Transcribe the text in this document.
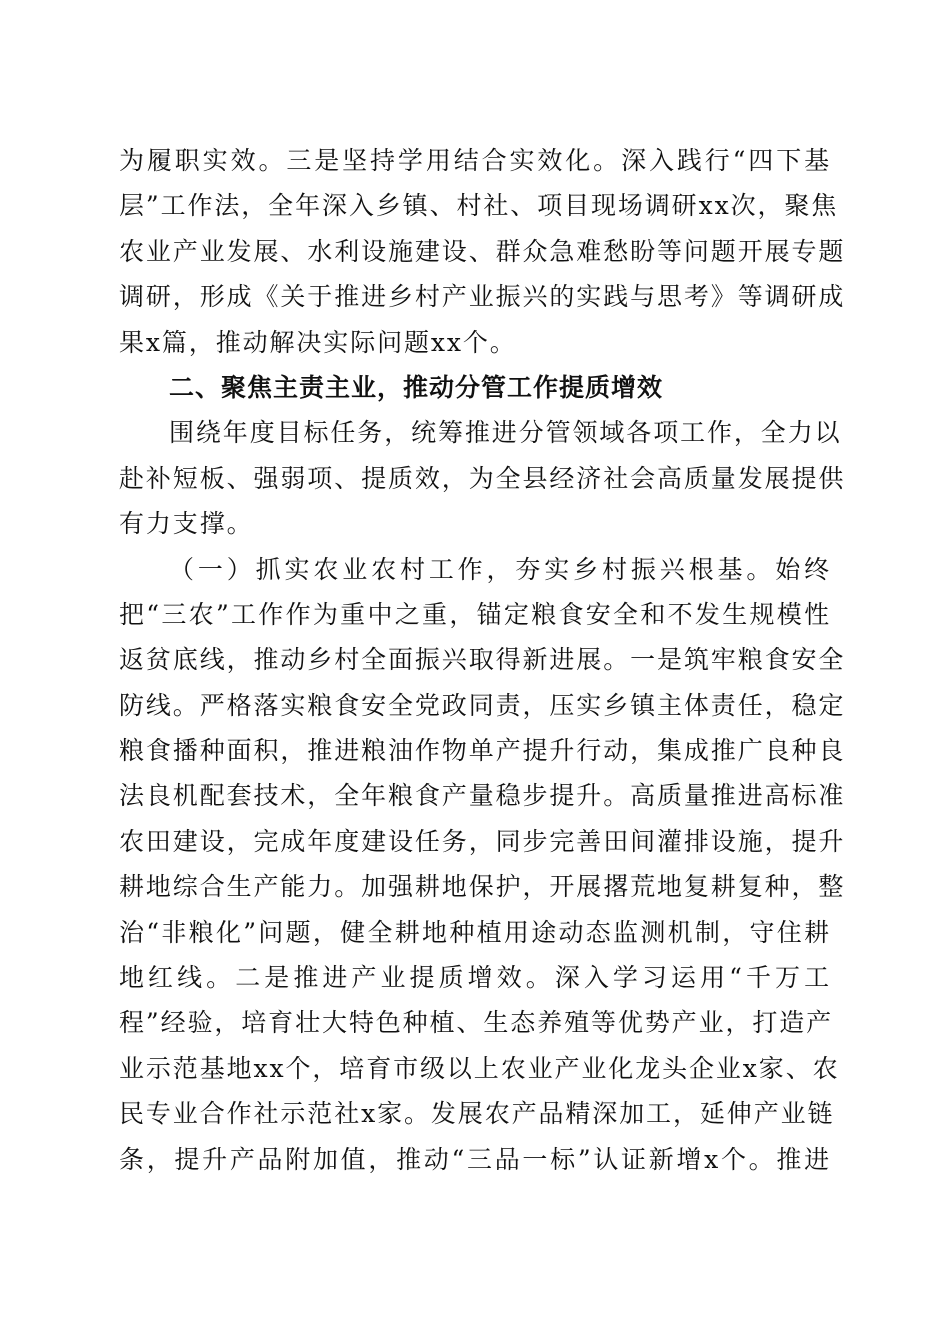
为履职实效。三是坚持学用结合实效化。深入践行“四下基
层”工作法，全年深入乡镇、村社、项目现场调研xx次，聚焦
农业产业发展、水利设施建设、群众急难愁盼等问题开展专题
调研，形成《关于推进乡村产业振兴的实践与思考》等调研成
果x篇，推动解决实际问题xx个。
二、聚焦主责主业，推动分管工作提质增效
围绕年度目标任务，统筹推进分管领域各项工作，全力以
赴补短板、强弱项、提质效，为全县经济社会高质量发展提供
有力支撑。
（一）抓实农业农村工作，夯实乡村振兴根基。始终
把“三农”工作作为重中之重，锚定粮食安全和不发生规模性
返贫底线，推动乡村全面振兴取得新进展。一是筑牢粮食安全
防线。严格落实粮食安全党政同责，压实乡镇主体责任，稳定
粮食播种面积，推进粮油作物单产提升行动，集成推广良种良
法良机配套技术，全年粮食产量稳步提升。高质量推进高标准
农田建设，完成年度建设任务，同步完善田间灌排设施，提升
耕地综合生产能力。加强耕地保护，开展撂荒地复耕复种，整
治“非粮化”问题，健全耕地种植用途动态监测机制，守住耕
地红线。二是推进产业提质增效。深入学习运用“千万工
程”经验，培育壮大特色种植、生态养殖等优势产业，打造产
业示范基地xx个，培育市级以上农业产业化龙头企业x家、农
民专业合作社示范社x家。发展农产品精深加工，延伸产业链
条，提升产品附加值，推动“三品一标”认证新增x个。推进
